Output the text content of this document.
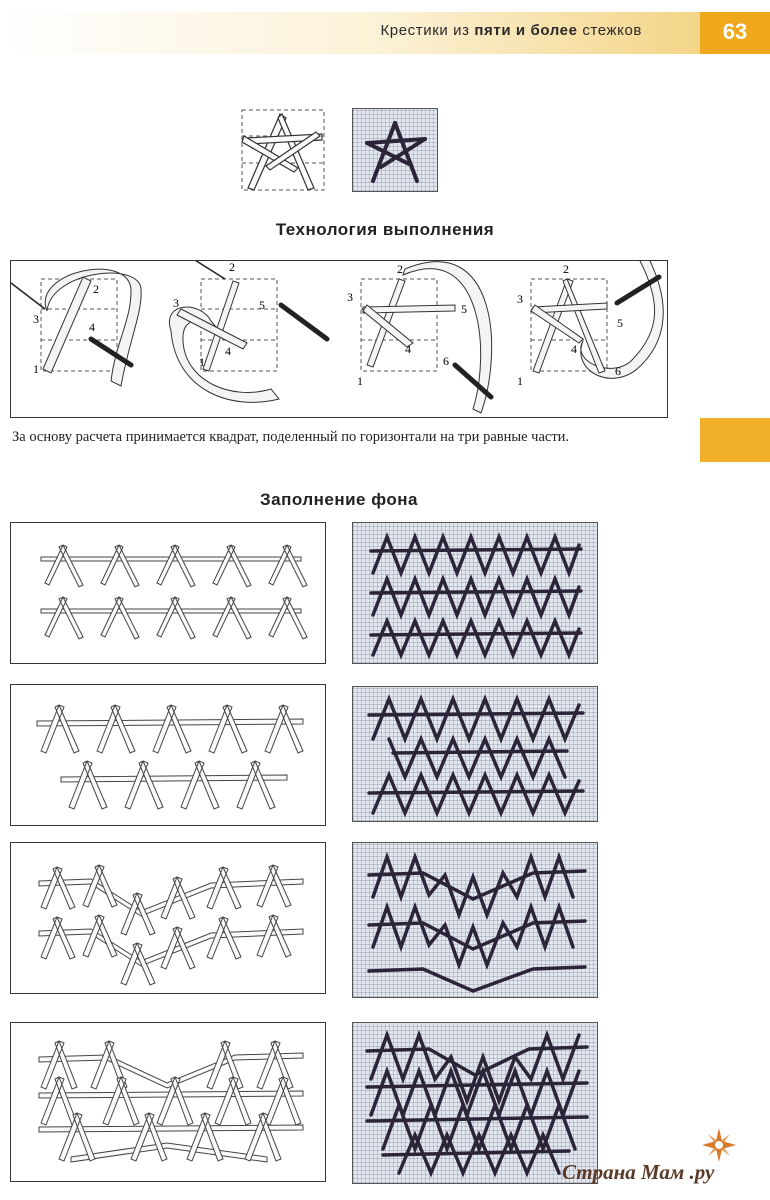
Крестики из пяти и более стежков	63
Технология выполнения
1
2
3
4
1
2
3
4
5
1
2
3
4
5
6
1
2
3
4
5
6
За основу расчета принимается квадрат, поделенный по горизонтали на три равные части.
Заполнение фона
Страна Мам .ру
